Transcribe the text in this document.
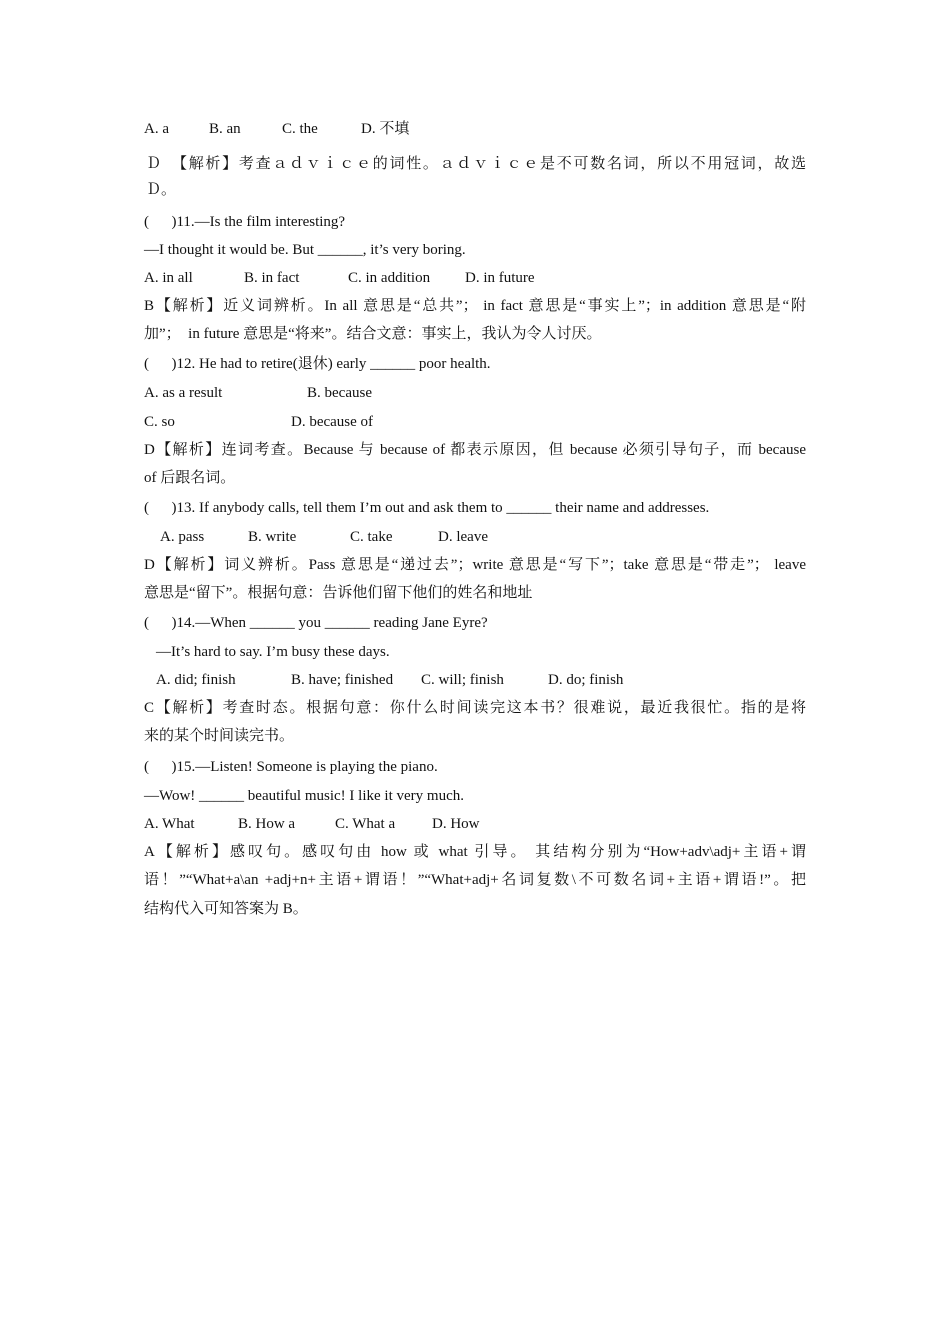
A. a	B. an	C. the	D. 不填
Ｄ　【解析】考查ａｄｖｉｃｅ的词性。ａｄｖｉｃｅ是不可数名词，所以不用冠词，故选
Ｄ。
(      )11.—Is the film interesting?
—I thought it would be. But ______, it’s very boring.
A. in all	B. in fact	C. in addition D. in future
B【解析】近义词辨析。In all 意思是“总共”； in fact 意思是“事实上”；in addition 意思是“附
加”；  in future 意思是“将来”。结合文意：事实上，我认为令人讨厌。
(      )12. He had to retire(退休) early ______ poor health.
A. as a result	B. because
C. so	D. because of
D【解析】连词考查。Because 与 because of 都表示原因，但 because 必须引导句子，而 because
of 后跟名词。
(      )13. If anybody calls, tell them I’m out and ask them to ______ their name and addresses.
A. pass	B. write	C. take	D. leave
D【解析】词义辨析。Pass 意思是“递过去”；write 意思是“写下”；take 意思是“带走”； leave
意思是“留下”。根据句意：告诉他们留下他们的姓名和地址
(      )14.—When ______ you ______ reading Jane Eyre?
—It’s hard to say. I’m busy these days.
A. did; finish	B. have; finished C. will; finish	D. do; finish
C【解析】考查时态。根据句意：你什么时间读完这本书？很难说，最近我很忙。指的是将
来的某个时间读完书。
(      )15.—Listen! Someone is playing the piano.
—Wow! ______ beautiful music! I like it very much.
A. What	B. How a	C. What a D. How
A【解析】感叹句。感叹句由 how 或 what 引导。 其结构分别为“How+adv\adj+主语+谓
语！”“What+a\an +adj+n+主语+谓语！”“What+adj+名词复数\不可数名词+主语+谓语!”。把
结构代入可知答案为 B。
